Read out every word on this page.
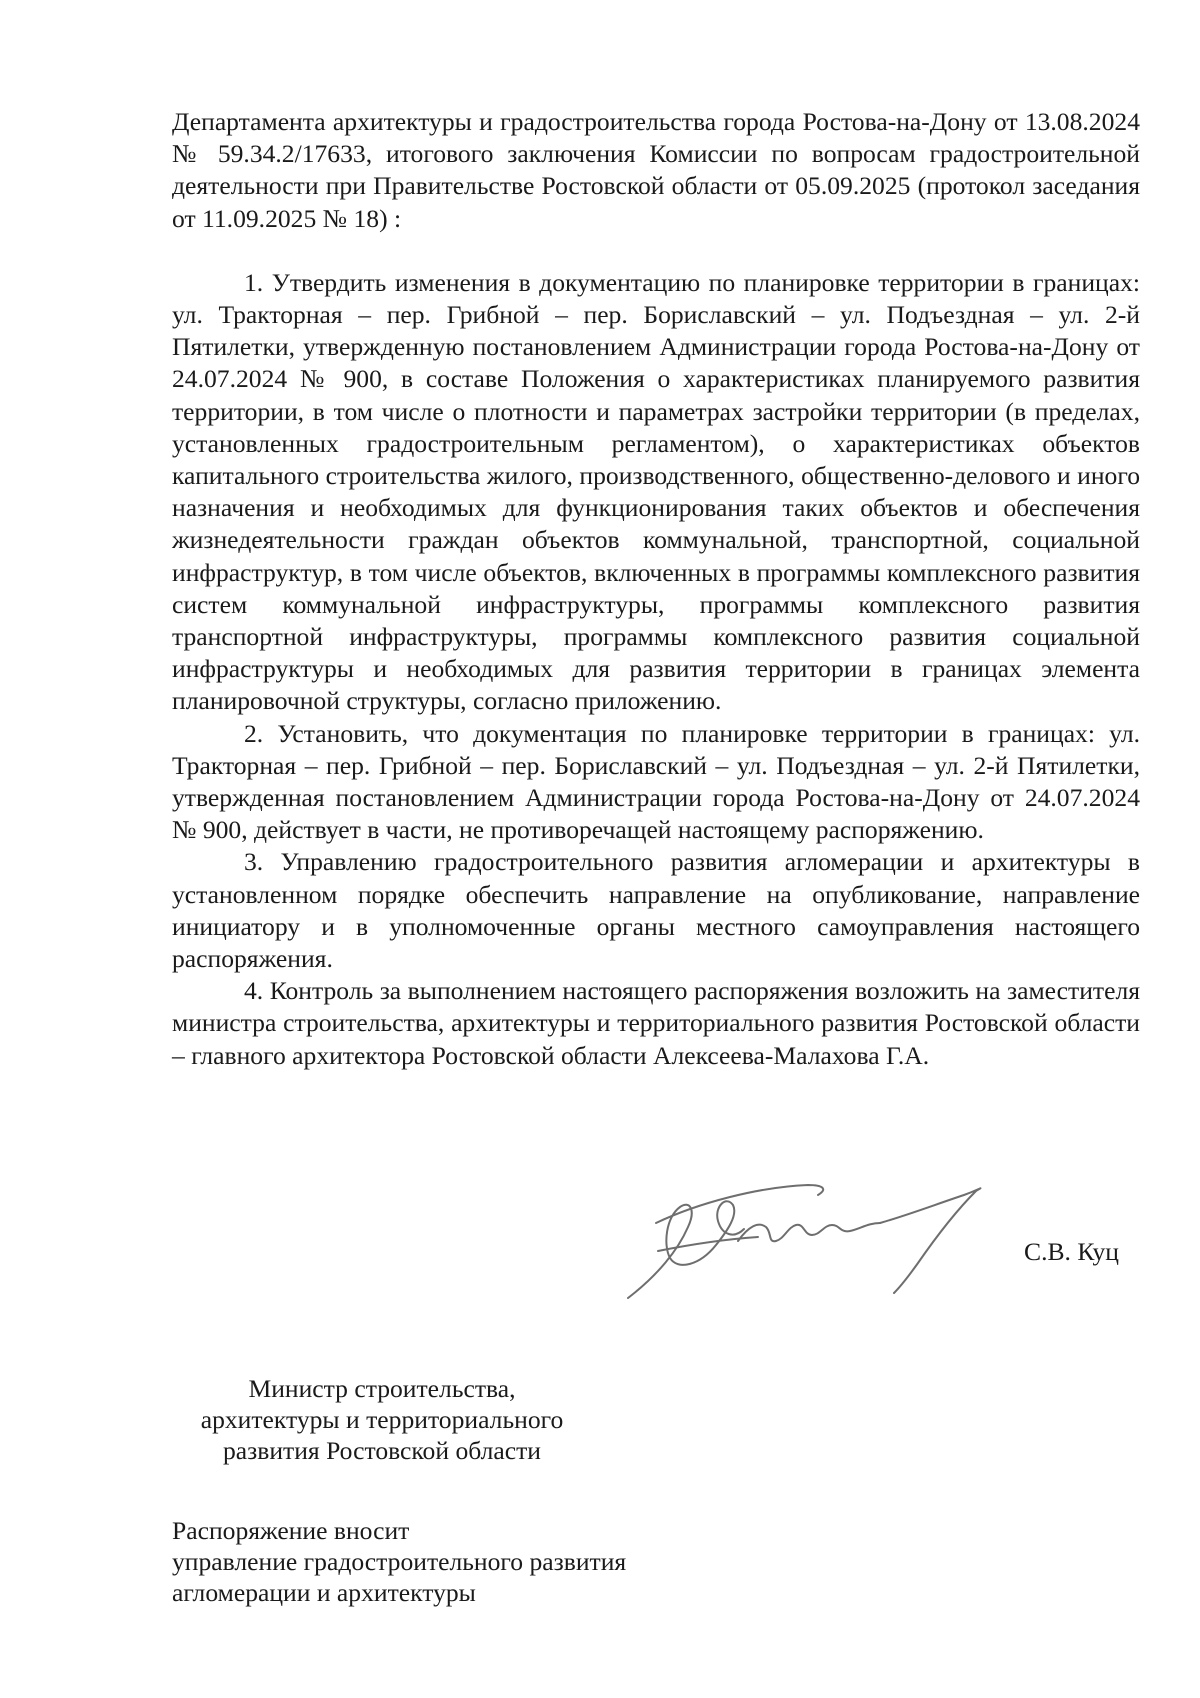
Департамента архитектуры и градостроительства города Ростова-на-Дону от 13.08.2024 № 59.34.2/17633, итогового заключения Комиссии по вопросам градостроительной деятельности при Правительстве Ростовской области от 05.09.2025 (протокол заседания от 11.09.2025 № 18) :

1. Утвердить изменения в документацию по планировке территории в границах: ул. Тракторная – пер. Грибной – пер. Бориславский – ул. Подъездная – ул. 2-й Пятилетки, утвержденную постановлением Администрации города Ростова-на-Дону от 24.07.2024 № 900, в составе Положения о характеристиках планируемого развития территории, в том числе о плотности и параметрах застройки территории (в пределах, установленных градостроительным регламентом), о характеристиках объектов капитального строительства жилого, производственного, общественно-делового и иного назначения и необходимых для функционирования таких объектов и обеспечения жизнедеятельности граждан объектов коммунальной, транспортной, социальной инфраструктур, в том числе объектов, включенных в программы комплексного развития систем коммунальной инфраструктуры, программы комплексного развития транспортной инфраструктуры, программы комплексного развития социальной инфраструктуры и необходимых для развития территории в границах элемента планировочной структуры, согласно приложению.

2. Установить, что документация по планировке территории в границах: ул. Тракторная – пер. Грибной – пер. Бориславский – ул. Подъездная – ул. 2-й Пятилетки, утвержденная постановлением Администрации города Ростова-на-Дону от 24.07.2024 № 900, действует в части, не противоречащей настоящему распоряжению.

3. Управлению градостроительного развития агломерации и архитектуры в установленном порядке обеспечить направление на опубликование, направление инициатору и в уполномоченные органы местного самоуправления настоящего распоряжения.

4. Контроль за выполнением настоящего распоряжения возложить на заместителя министра строительства, архитектуры и территориального развития Ростовской области – главного архитектора Ростовской области Алексеева-Малахова Г.А.

Министр строительства,
архитектуры и территориального
развития Ростовской области
С.В. Куц
Распоряжение вносит
управление градостроительного развития
агломерации и архитектуры
